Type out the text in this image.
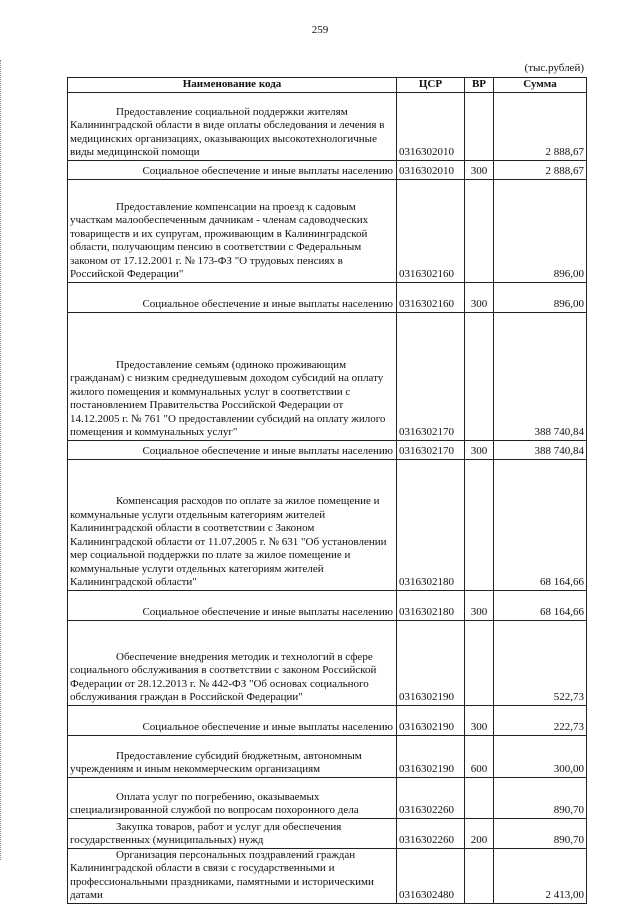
259
(тыс.рублей)
Наименование кода	ЦСР	ВР	Сумма
Предоставление социальной поддержки жителям Калининградской области в виде оплаты обследования и лечения в медицинских организациях, оказывающих высокотехнологичные виды медицинской помощи	0316302010		2 888,67
Социальное обеспечение и иные выплаты населению	0316302010	300	2 888,67
Предоставление компенсации на проезд к садовым участкам малообеспеченным дачникам - членам садоводческих товариществ и их супругам, проживающим в Калининградской области, получающим пенсию в соответствии с Федеральным законом от 17.12.2001 г. № 173-ФЗ "О трудовых пенсиях в Российской Федерации"	0316302160		896,00
Социальное обеспечение и иные выплаты населению	0316302160	300	896,00
Предоставление семьям (одиноко проживающим гражданам) с низким среднедушевым доходом субсидий на оплату жилого помещения и коммунальных услуг в соответствии с постановлением Правительства Российской Федерации от 14.12.2005 г. № 761 "О предоставлении субсидий на оплату жилого помещения и коммунальных услуг"	0316302170		388 740,84
Социальное обеспечение и иные выплаты населению	0316302170	300	388 740,84
Компенсация расходов по оплате за жилое помещение и коммунальные услуги отдельным категориям жителей Калининградской области в соответствии с Законом Калининградской области от 11.07.2005 г. № 631 "Об установлении мер социальной поддержки по плате за жилое помещение и коммунальные услуги отдельных категориям жителей Калининградской области"	0316302180		68 164,66
Социальное обеспечение и иные выплаты населению	0316302180	300	68 164,66
Обеспечение внедрения методик и технологий в сфере социального обслуживания в соответствии с законом Российской Федерации от 28.12.2013 г. № 442-ФЗ "Об основах социального обслуживания граждан в Российской Федерации"	0316302190		522,73
Социальное обеспечение и иные выплаты населению	0316302190	300	222,73
Предоставление субсидий бюджетным, автономным учреждениям и иным некоммерческим организациям	0316302190	600	300,00
Оплата услуг по погребению, оказываемых специализированной службой по вопросам похоронного дела	0316302260		890,70
Закупка товаров, работ и услуг для обеспечения государственных (муниципальных) нужд	0316302260	200	890,70
Организация персональных поздравлений граждан Калининградской области в связи с государственными и профессиональными праздниками, памятными и историческими датами	0316302480		2 413,00
